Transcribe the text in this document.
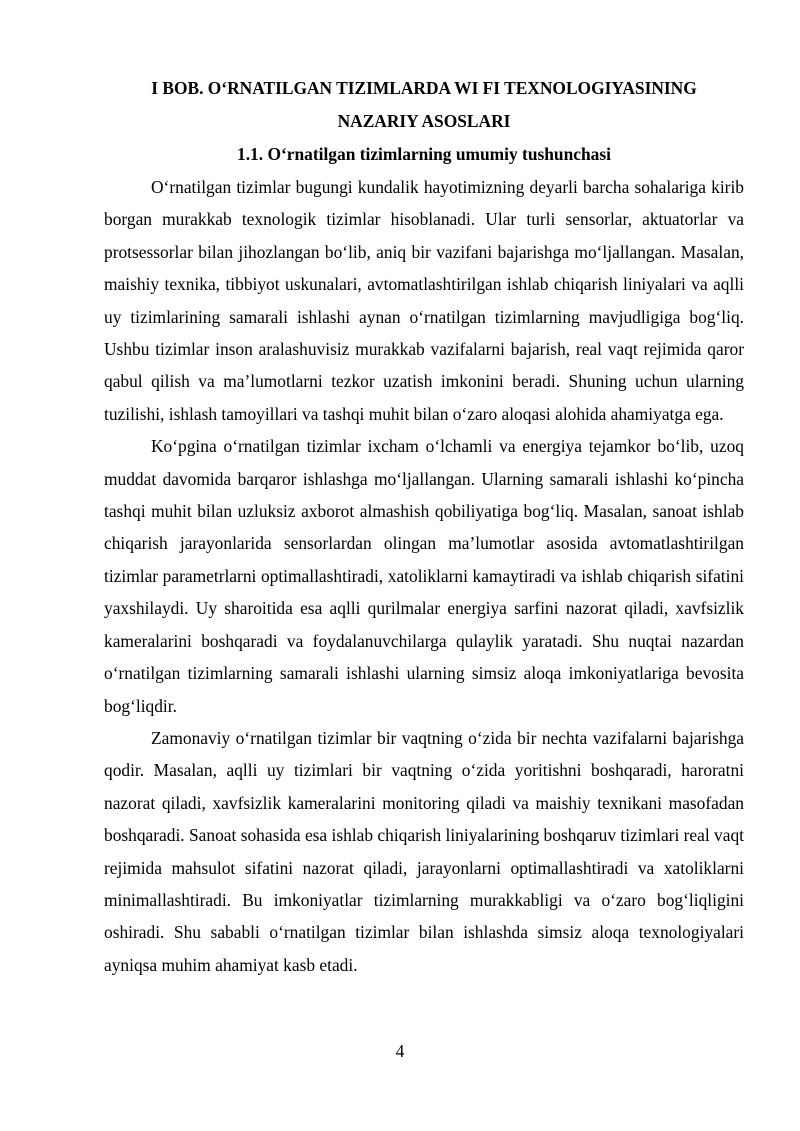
I BOB. O‘RNATILGAN TIZIMLARDA WI FI TEXNOLOGIYASINING
NAZARIY ASOSLARI

1.1. O‘rnatilgan tizimlarning umumiy tushunchasi

O‘rnatilgan tizimlar bugungi kundalik hayotimizning deyarli barcha sohalariga kirib borgan murakkab texnologik tizimlar hisoblanadi. Ular turli sensorlar, aktuatorlar va protsessorlar bilan jihozlangan bo‘lib, aniq bir vazifani bajarishga mo‘ljallangan. Masalan, maishiy texnika, tibbiyot uskunalari, avtomatlashtirilgan ishlab chiqarish liniyalari va aqlli uy tizimlarining samarali ishlashi aynan o‘rnatilgan tizimlarning mavjudligiga bog‘liq. Ushbu tizimlar inson aralashuvisiz murakkab vazifalarni bajarish, real vaqt rejimida qaror qabul qilish va ma’lumotlarni tezkor uzatish imkonini beradi. Shuning uchun ularning tuzilishi, ishlash tamoyillari va tashqi muhit bilan o‘zaro aloqasi alohida ahamiyatga ega.

Ko‘pgina o‘rnatilgan tizimlar ixcham o‘lchamli va energiya tejamkor bo‘lib, uzoq muddat davomida barqaror ishlashga mo‘ljallangan. Ularning samarali ishlashi ko‘pincha tashqi muhit bilan uzluksiz axborot almashish qobiliyatiga bog‘liq. Masalan, sanoat ishlab chiqarish jarayonlarida sensorlardan olingan ma’lumotlar asosida avtomatlashtirilgan tizimlar parametrlarni optimallashtiradi, xatoliklarni kamaytiradi va ishlab chiqarish sifatini yaxshilaydi. Uy sharoitida esa aqlli qurilmalar energiya sarfini nazorat qiladi, xavfsizlik kameralarini boshqaradi va foydalanuvchilarga qulaylik yaratadi. Shu nuqtai nazardan o‘rnatilgan tizimlarning samarali ishlashi ularning simsiz aloqa imkoniyatlariga bevosita bog‘liqdir.

Zamonaviy o‘rnatilgan tizimlar bir vaqtning o‘zida bir nechta vazifalarni bajarishga qodir. Masalan, aqlli uy tizimlari bir vaqtning o‘zida yoritishni boshqaradi, haroratni nazorat qiladi, xavfsizlik kameralarini monitoring qiladi va maishiy texnikani masofadan boshqaradi. Sanoat sohasida esa ishlab chiqarish liniyalarining boshqaruv tizimlari real vaqt rejimida mahsulot sifatini nazorat qiladi, jarayonlarni optimallashtiradi va xatoliklarni minimallashtiradi. Bu imkoniyatlar tizimlarning murakkabligi va o‘zaro bog‘liqligini oshiradi. Shu sababli o‘rnatilgan tizimlar bilan ishlashda simsiz aloqa texnologiyalari ayniqsa muhim ahamiyat kasb etadi.

4
